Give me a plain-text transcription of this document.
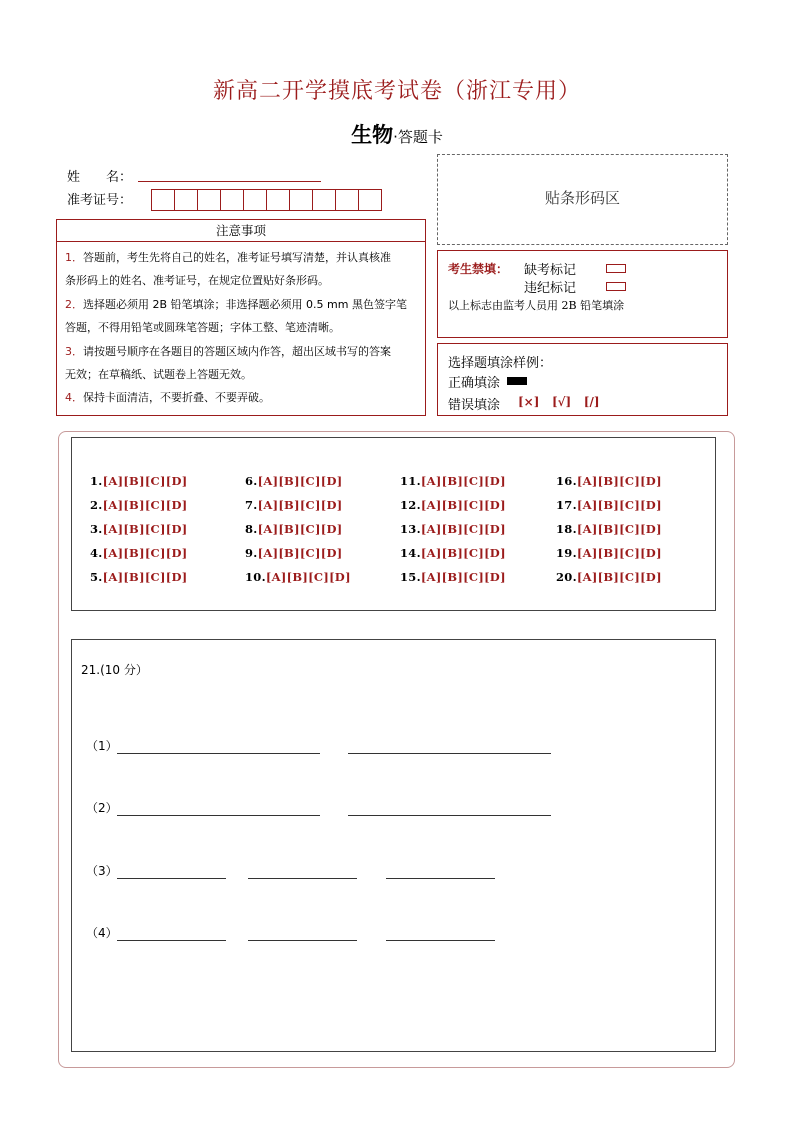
新高二开学摸底考试卷（浙江专用）
生物·答题卡
姓　　名：
准考证号：
注意事项
1．答题前，考生先将自己的姓名，准考证号填写清楚，并认真核准
条形码上的姓名、准考证号，在规定位置贴好条形码。
2．选择题必须用 2B 铅笔填涂；非选择题必须用 0.5 mm 黑色签字笔
答题，不得用铅笔或圆珠笔答题；字体工整、笔迹清晰。
3．请按题号顺序在各题目的答题区域内作答，超出区域书写的答案
无效；在草稿纸、试题卷上答题无效。
4．保持卡面清洁，不要折叠、不要弄破。
贴条形码区
考生禁填： 缺考标记
违纪标记
以上标志由监考人员用 2B 铅笔填涂
选择题填涂样例：
正确填涂
错误填涂 [×] [√] [/]
1.[A][B][C][D]
2.[A][B][C][D]
3.[A][B][C][D]
4.[A][B][C][D]
5.[A][B][C][D]
6.[A][B][C][D]
7.[A][B][C][D]
8.[A][B][C][D]
9.[A][B][C][D]
10.[A][B][C][D]
11.[A][B][C][D]
12.[A][B][C][D]
13.[A][B][C][D]
14.[A][B][C][D]
15.[A][B][C][D]
16.[A][B][C][D]
17.[A][B][C][D]
18.[A][B][C][D]
19.[A][B][C][D]
20.[A][B][C][D]
21.(10 分）
（1）
（2）
（3）
（4）
